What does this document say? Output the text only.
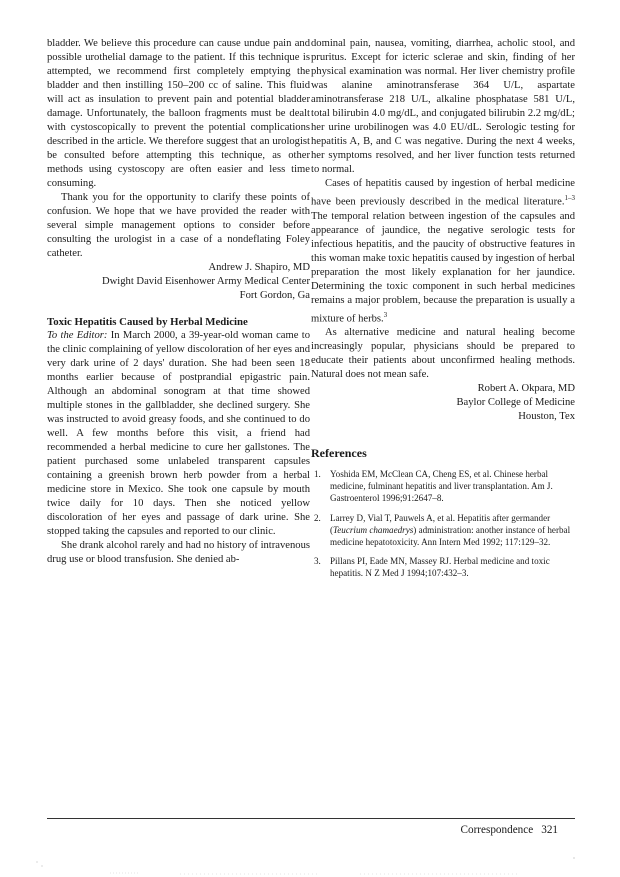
bladder. We believe this procedure can cause undue pain and possible urothelial damage to the patient. If this technique is attempted, we recommend first completely emptying the bladder and then instilling 150–200 cc of saline. This fluid will act as insulation to prevent pain and potential bladder damage. Unfortunately, the balloon fragments must be dealt with cystoscopically to prevent the potential complications described in the article. We therefore suggest that an urologist be consulted before attempting this technique, as other methods using cystoscopy are often easier and less time consuming.

Thank you for the opportunity to clarify these points of confusion. We hope that we have provided the reader with several simple management options to consider before consulting the urologist in a case of a nondeflating Foley catheter.

Andrew J. Shapiro, MD
Dwight David Eisenhower Army Medical Center
Fort Gordon, Ga

Toxic Hepatitis Caused by Herbal Medicine

To the Editor: In March 2000, a 39-year-old woman came to the clinic complaining of yellow discoloration of her eyes and very dark urine of 2 days' duration. She had been seen 18 months earlier because of postprandial epigastric pain. Although an abdominal sonogram at that time showed multiple stones in the gallbladder, she declined surgery. She was instructed to avoid greasy foods, and she continued to do well. A few months before this visit, a friend had recommended a herbal medicine to cure her gallstones. The patient purchased some unlabeled transparent capsules containing a greenish brown herb powder from a herbal medicine store in Mexico. She took one capsule by mouth twice daily for 10 days. Then she noticed yellow discoloration of her eyes and passage of dark urine. She stopped taking the capsules and reported to our clinic.

She drank alcohol rarely and had no history of intravenous drug use or blood transfusion. She denied ab-

dominal pain, nausea, vomiting, diarrhea, acholic stool, and pruritus. Except for icteric sclerae and skin, finding of her physical examination was normal. Her liver chemistry profile was alanine aminotransferase 364 U/L, aspartate aminotransferase 218 U/L, alkaline phosphatase 581 U/L, total bilirubin 4.0 mg/dL, and conjugated bilirubin 2.2 mg/dL; her urine urobilinogen was 4.0 EU/dL. Serologic testing for hepatitis A, B, and C was negative. During the next 4 weeks, her symptoms resolved, and her liver function tests returned to normal.

Cases of hepatitis caused by ingestion of herbal medicine have been previously described in the medical literature.$^{1-3}$ The temporal relation between ingestion of the capsules and appearance of jaundice, the negative serologic tests for infectious hepatitis, and the paucity of obstructive features in this woman make toxic hepatitis caused by ingestion of herbal preparation the most likely explanation for her jaundice. Determining the toxic component in such herbal medicines remains a major problem, because the preparation is usually a mixture of herbs.$^3$

As alternative medicine and natural healing become increasingly popular, physicians should be prepared to educate their patients about unconfirmed healing methods. Natural does not mean safe.

Robert A. Okpara, MD
Baylor College of Medicine
Houston, Tex
References
1.	Yoshida EM, McClean CA, Cheng ES, et al. Chinese herbal medicine, fulminant hepatitis and liver transplantation. Am J. Gastroenterol 1996;91:2647–8.
2.	Larrey D, Vial T, Pauwels A, et al. Hepatitis after germander (Teucrium chamaedrys) administration: another instance of herbal medicine hepatotoxicity. Ann Intern Med 1992; 117:129–32.
3.	Pillans PI, Eade MN, Massey RJ. Herbal medicine and toxic hepatitis. N Z Med J 1994;107:432–3.
Correspondence 321
